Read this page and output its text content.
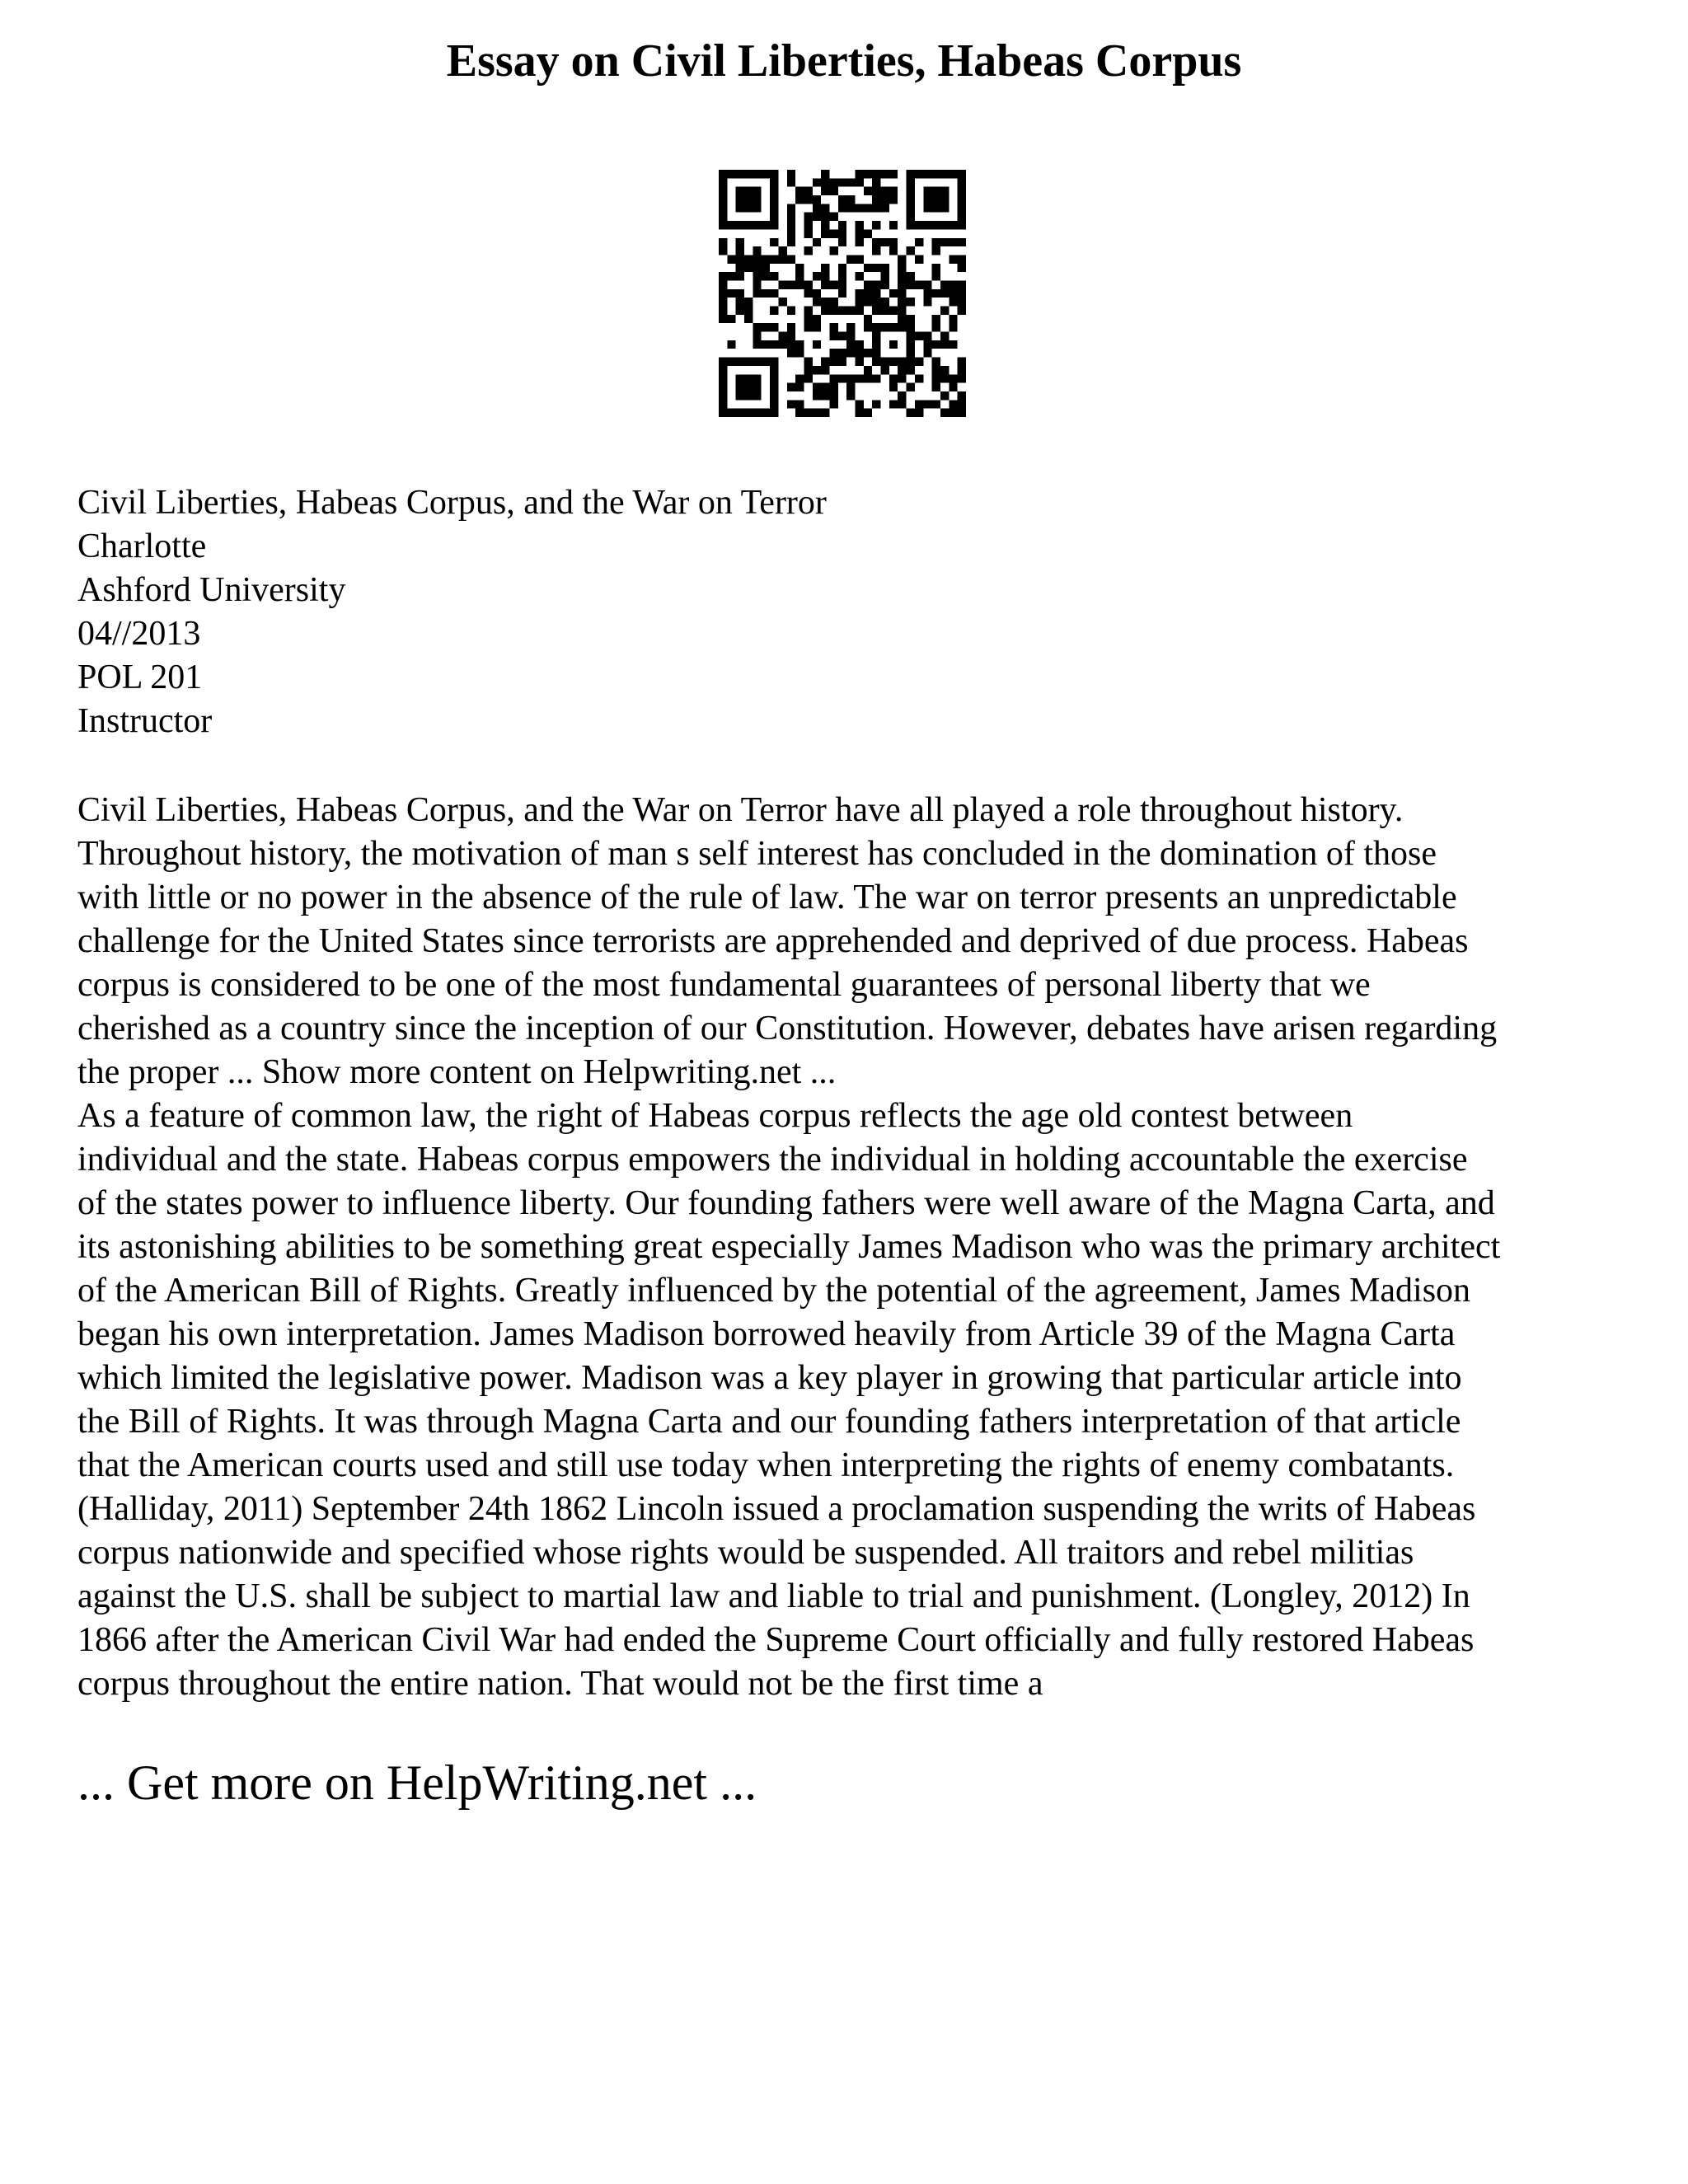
Essay on Civil Liberties, Habeas Corpus
Civil Liberties, Habeas Corpus, and the War on Terror
Charlotte
Ashford University
04//2013
POL 201
Instructor
Civil Liberties, Habeas Corpus, and the War on Terror have all played a role throughout history.
Throughout history, the motivation of man s self interest has concluded in the domination of those
with little or no power in the absence of the rule of law. The war on terror presents an unpredictable
challenge for the United States since terrorists are apprehended and deprived of due process. Habeas
corpus is considered to be one of the most fundamental guarantees of personal liberty that we
cherished as a country since the inception of our Constitution. However, debates have arisen regarding
the proper ... Show more content on Helpwriting.net ...
As a feature of common law, the right of Habeas corpus reflects the age old contest between
individual and the state. Habeas corpus empowers the individual in holding accountable the exercise
of the states power to influence liberty. Our founding fathers were well aware of the Magna Carta, and
its astonishing abilities to be something great especially James Madison who was the primary architect
of the American Bill of Rights. Greatly influenced by the potential of the agreement, James Madison
began his own interpretation. James Madison borrowed heavily from Article 39 of the Magna Carta
which limited the legislative power. Madison was a key player in growing that particular article into
the Bill of Rights. It was through Magna Carta and our founding fathers interpretation of that article
that the American courts used and still use today when interpreting the rights of enemy combatants.
(Halliday, 2011) September 24th 1862 Lincoln issued a proclamation suspending the writs of Habeas
corpus nationwide and specified whose rights would be suspended. All traitors and rebel militias
against the U.S. shall be subject to martial law and liable to trial and punishment. (Longley, 2012) In
1866 after the American Civil War had ended the Supreme Court officially and fully restored Habeas
corpus throughout the entire nation. That would not be the first time a
... Get more on HelpWriting.net ...
